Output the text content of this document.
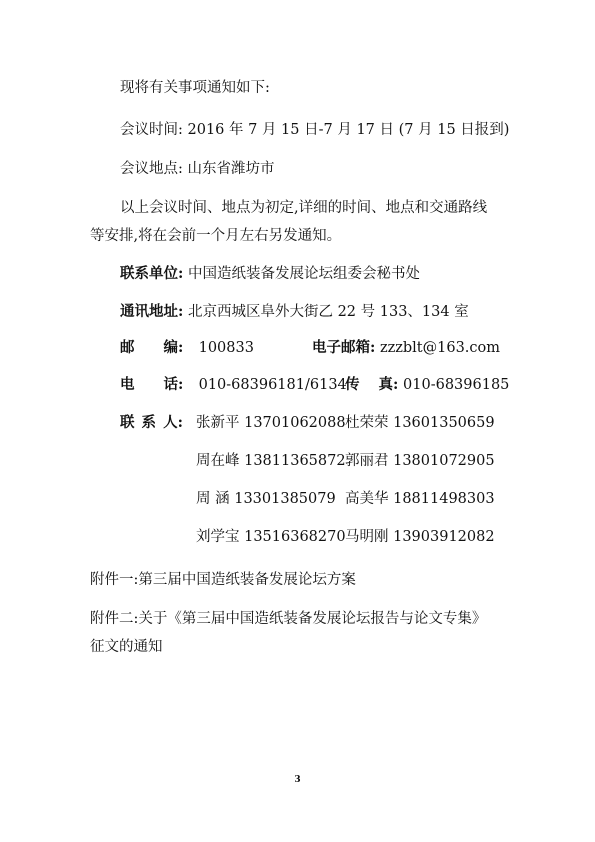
现将有关事项通知如下:
会议时间: 2016 年 7 月 15 日-7 月 17 日 (7 月 15 日报到)
会议地点: 山东省潍坊市
以上会议时间、地点为初定,详细的时间、地点和交通路线
等安排,将在会前一个月左右另发通知。
联系单位: 中国造纸装备发展论坛组委会秘书处
通讯地址: 北京西城区阜外大街乙 22 号 133、134 室
邮 编: 100833	电子邮箱: zzzblt@163.com
电 话: 010-68396181/6134
传 真: 010-68396185
联 系 人: 张新平 13701062088 杜荣荣 13601350659
周在峰 13811365872 郭丽君 13801072905
周 涵 13301385079 高美华 18811498303
刘学宝 13516368270 马明刚 13903912082
附件一:第三届中国造纸装备发展论坛方案
附件二:关于《第三届中国造纸装备发展论坛报告与论文专集》
征文的通知
3
